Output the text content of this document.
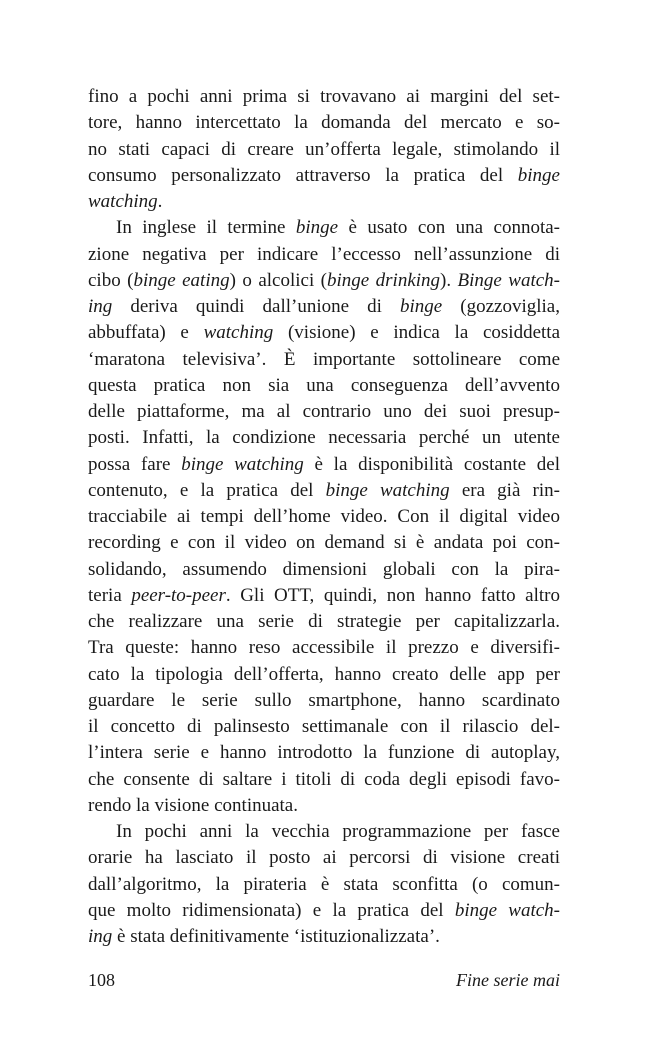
fino a pochi anni prima si trovavano ai margini del set-
tore, hanno intercettato la domanda del mercato e so-
no stati capaci di creare un’offerta legale, stimolando il
consumo personalizzato attraverso la pratica del binge
watching.
In inglese il termine binge è usato con una connota-
zione negativa per indicare l’eccesso nell’assunzione di
cibo (binge eating) o alcolici (binge drinking). Binge watch-
ing deriva quindi dall’unione di binge (gozzoviglia,
abbuffata) e watching (visione) e indica la cosiddetta
‘maratona televisiva’. È importante sottolineare come
questa pratica non sia una conseguenza dell’avvento
delle piattaforme, ma al contrario uno dei suoi presup-
posti. Infatti, la condizione necessaria perché un utente
possa fare binge watching è la disponibilità costante del
contenuto, e la pratica del binge watching era già rin-
tracciabile ai tempi dell’home video. Con il digital video
recording e con il video on demand si è andata poi con-
solidando, assumendo dimensioni globali con la pira-
teria peer-to-peer. Gli OTT, quindi, non hanno fatto altro
che realizzare una serie di strategie per capitalizzarla.
Tra queste: hanno reso accessibile il prezzo e diversifi-
cato la tipologia dell’offerta, hanno creato delle app per
guardare le serie sullo smartphone, hanno scardinato
il concetto di palinsesto settimanale con il rilascio del-
l’intera serie e hanno introdotto la funzione di autoplay,
che consente di saltare i titoli di coda degli episodi favo-
rendo la visione continuata.
In pochi anni la vecchia programmazione per fasce
orarie ha lasciato il posto ai percorsi di visione creati
dall’algoritmo, la pirateria è stata sconfitta (o comun-
que molto ridimensionata) e la pratica del binge watch-
ing è stata definitivamente ‘istituzionalizzata’.
108	Fine serie mai
